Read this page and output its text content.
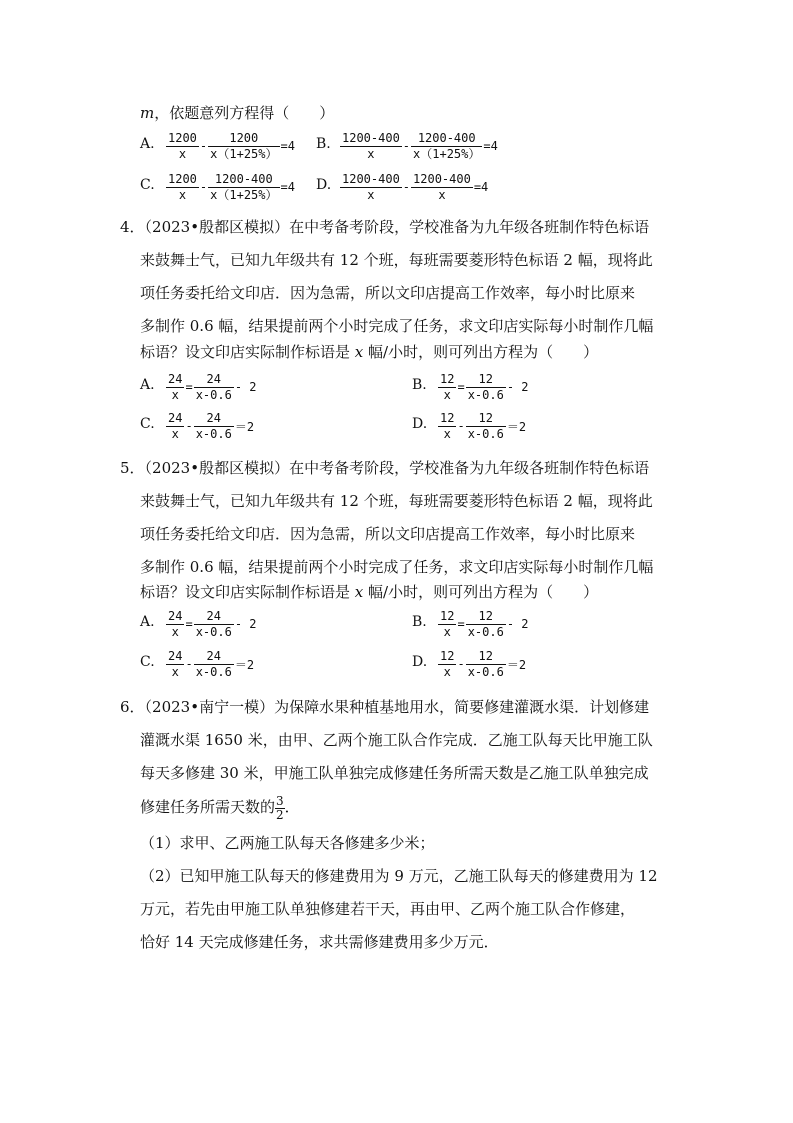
m，依题意列方程得（　　）
A. $\frac{1200}{x} - \frac{1200}{x(1+25\%)} =4$ B. $\frac{1200-400}{x} - \frac{1200-400}{x(1+25\%)} =4$
C. $\frac{1200}{x} - \frac{1200-400}{x(1+25\%)} =4$ D. $\frac{1200-400}{x} - \frac{1200-400}{x} =4$
4．（2023•殷都区模拟）在中考备考阶段，学校准备为九年级各班制作特色标语
来鼓舞士气，已知九年级共有 12 个班，每班需要菱形特色标语 2 幅，现将此
项任务委托给文印店．因为急需，所以文印店提高工作效率，每小时比原来
多制作 0.6 幅，结果提前两个小时完成了任务，求文印店实际每小时制作几幅
标语？设文印店实际制作标语是 x 幅/小时，则可列出方程为（　　）
A. $\frac{24}{x} = \frac{24}{x-0.6} - 2$	B. $\frac{12}{x} = \frac{12}{x-0.6} - 2$
C. $\frac{24}{x} - \frac{24}{x-0.6} =2$	D. $\frac{12}{x} - \frac{12}{x-0.6} =2$
5．（2023•殷都区模拟）在中考备考阶段，学校准备为九年级各班制作特色标语
来鼓舞士气，已知九年级共有 12 个班，每班需要菱形特色标语 2 幅，现将此
项任务委托给文印店．因为急需，所以文印店提高工作效率，每小时比原来
多制作 0.6 幅，结果提前两个小时完成了任务，求文印店实际每小时制作几幅
标语？设文印店实际制作标语是 x 幅/小时，则可列出方程为（　　）
A. $\frac{24}{x} = \frac{24}{x-0.6} - 2$	B. $\frac{12}{x} = \frac{12}{x-0.6} - 2$
C. $\frac{24}{x} - \frac{24}{x-0.6} =2$	D. $\frac{12}{x} - \frac{12}{x-0.6} =2$
6．（2023•南宁一模）为保障水果种植基地用水，简要修建灌溉水渠．计划修建
灌溉水渠 1650 米，由甲、乙两个施工队合作完成．乙施工队每天比甲施工队
每天多修建 30 米，甲施工队单独完成修建任务所需天数是乙施工队单独完成
修建任务所需天数的 $\frac{3}{2}$ ．
（1）求甲、乙两施工队每天各修建多少米；
（2）已知甲施工队每天的修建费用为 9 万元，乙施工队每天的修建费用为 12
万元，若先由甲施工队单独修建若干天，再由甲、乙两个施工队合作修建，
恰好 14 天完成修建任务，求共需修建费用多少万元．
